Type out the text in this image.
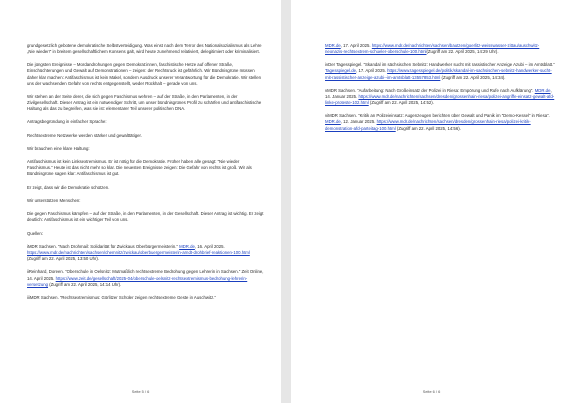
grundgesetzlich gebotene demokratische Selbstverteidigung. Was einst nach dem Terror des Nationalsozialismus als Lehre „Nie wieder!“ in breitem gesellschaftlichem Konsens galt, wird heute zunehmend relativiert, delegitimiert oder kriminalisiert.

Die jüngsten Ereignisse – Mordandrohungen gegen Demokrat:innen, faschistische Hetze auf offener Straße, Einschüchterungen und Gewalt auf Demonstrationen – zeigen: der Rechtsruck ist gefährlich. Wir Bündnisgrüne müssen daher klar machen: Antifaschismus ist kein Makel, sondern Ausdruck unserer Verantwortung für die Demokratie. Wir stellen uns der wachsenden Gefahr von rechts entgegenstellt, weder Rückhalt – gerade von uns.

Wir stehen an der Seite derer, die sich gegen Faschismus wehren – auf der Straße, in den Parlamenten, in der Zivilgesellschaft. Dieser Antrag ist ein notwendiger Schritt, um unser bündnisgrünes Profil zu schärfen und antifaschistische Haltung als das zu begreifen, was sie ist: elementarer Teil unserer politischen DNA.

Antragsbegründung in einfacher Sprache:

Rechtsextreme Netzwerke werden stärker und gewalttätiger.

Wir brauchen eine klare Haltung:

Antifaschismus ist kein Linksextremismus. Er ist nötig für die Demokratie. Früher haben alle gesagt: “Nie wieder Faschismus.” Heute ist das nicht mehr so klar. Die neuesten Ereignisse zeigen: Die Gefahr von rechts ist groß. Wir als Bündnisgrüne sagen klar: Antifaschismus ist gut.

Er zeigt, dass wir die Demokratie schützen.

Wir unterstützen Menschen:

Die gegen Faschismus kämpfen – auf der Straße, in den Parlamenten, in der Gesellschaft. Dieser Antrag ist wichtig. Er zeigt deutlich: Antifaschismus ist ein wichtiger Teil von uns.

Quellen:

iMDR Sachsen. “Nach Drohmail: Solidarität für Zwickaus Oberbürgermeisterin.” MDR.de, 16. April 2025. https://www.mdr.de/nachrichten/sachsen/chemnitz/zwickau/oberbuergermeisterin-arndt-drohbrief-reaktionen-100.html (Zugriff am 22. April 2025, 13:50 Uhr).

iiReinhard, Doreen. “Oberschule in Oelsnitz: Mutmaßlich rechtsextreme Bedrohung gegen Lehrerin in Sachsen.” Zeit Online, 14. April 2025. https://www.zeit.de/gesellschaft/2025-04/oberschule-oelsnitz-rechtsextremismus-bedrohung-lehrerin-versetzung (Zugriff am 22. April 2025, 14:14 Uhr).

iiiMDR Sachsen. “Rechtsextremismus: Görlitzer Schüler zeigen rechtsextreme Geste in Auschwitz.”

Seite 5 / 6

MDR.de, 17. April 2025. https://www.mdr.de/nachrichten/sachsen/bautzen/goerlitz-weisswasser-zittau/auschwitz-neonazis-rechtsextrem-schueler-oberschule-100.html(Zugriff am 22. April 2025, 14:29 Uhr).

ivDer Tagesspiegel. “Skandal im sächsischen Sebnitz: Handwerker sucht mit rassistischer Anzeige Azubi – im Amtsblatt.” Tagesspiegel.de, 17. April 2025. https://www.tagesspiegel.de/politik/skandal-im-sachsischen-sebnitz-handwerker-sucht-mit-rassistischer-anzeige-azubi--im-amtsblatt-13557853.html (Zugriff am 22. April 2025, 14:34).

vMDR Sachsen. “Aufarbeitung: Nach Großeinsatz der Polizei in Riesa: Empörung und Rufe nach Aufklärung”. MDR.de, 14. Januar 2025. https://www.mdr.de/nachrichten/sachsen/dresden/grossenhain-riesa/polizei-angriffe-einsatz-gewalt-afd-linke-proteste-102.html (Zugriff am 22. April 2025, 14:52).

viMDR Sachsen. “Kritik an Polizeieinsatz: Augenzeugen berichten über Gewalt und Panik im “Demo-Kessel” in Riesa”. MDR.de, 12. Januar 2025. https://www.mdr.de/nachrichten/sachsen/dresden/grossenhain-riesa/polizei-kritik-demonstration-afd-parteitag-100.html (Zugriff am 22. April 2025, 14:56).

Seite 6 / 6
